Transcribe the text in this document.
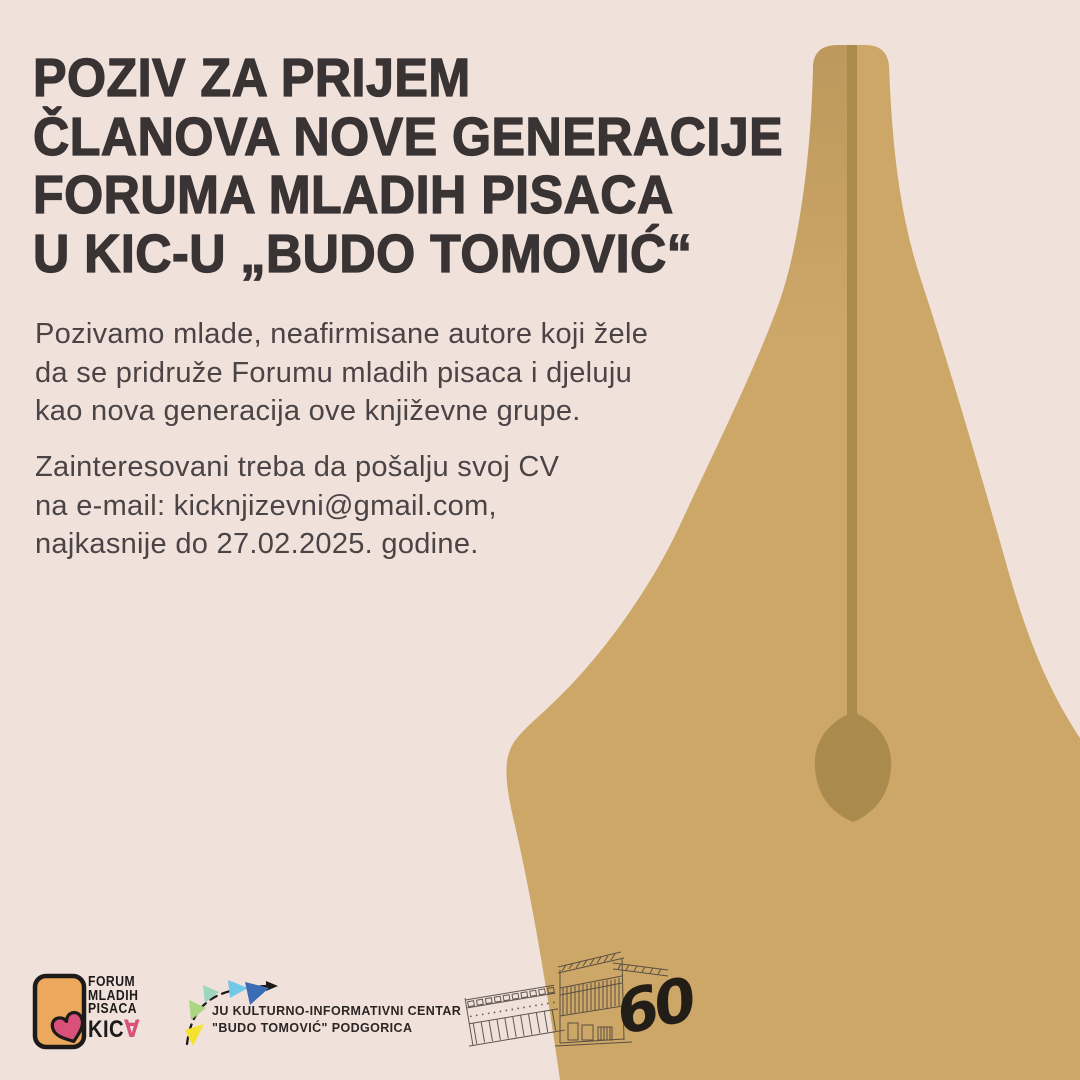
POZIV ZA PRIJEM
ČLANOVA NOVE GENERACIJE
FORUMA MLADIH PISACA
U KIC-U „BUDO TOMOVIĆ“
Pozivamo mlade, neafirmisane autore koji žele
da se pridruže Forumu mladih pisaca i djeluju
kao nova generacija ove književne grupe.
Zainteresovani treba da pošalju svoj CV
na e-mail: kicknjizevni@gmail.com,
najkasnije do 27.02.2025. godine.
FORUM
MLADIH
PISACA
KIC∀
JU KULTURNO-INFORMATIVNI CENTAR
"BUDO TOMOVIĆ" PODGORICA	60
